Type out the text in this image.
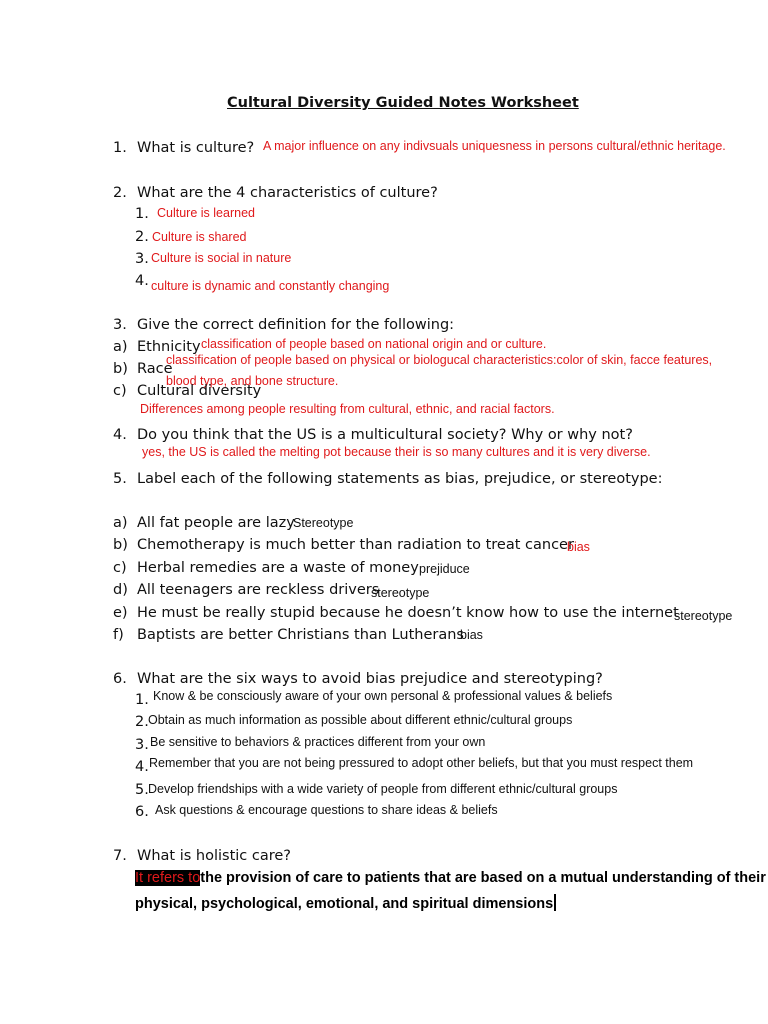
Cultural Diversity Guided Notes Worksheet
1. What is culture? A major influence on any indivsuals uniquesness in persons cultural/ethnic heritage.
2. What are the 4 characteristics of culture?
1. Culture is learned
2. Culture is shared
3. Culture is social in nature
4. culture is dynamic and constantly changing
3. Give the correct definition for the following:
a) Ethnicity classification of people based on national origin and or culture.
b) Race
classification of people based on physical or biologucal characteristics:color of skin, facce features,
blood type, and bone structure.
c) Cultural diversity
Differences among people resulting from cultural, ethnic, and racial factors.
4. Do you think that the US is a multicultural society? Why or why not?
yes, the US is called the melting pot because their is so many cultures and it is very diverse.
5. Label each of the following statements as bias, prejudice, or stereotype:
a) All fat people are lazy
Stereotype
b) Chemotherapy is much better than radiation to treat cancer
bias
c) Herbal remedies are a waste of money prejiduce
d) All teenagers are reckless drivers
stereotype
e) He must be really stupid because he doesn’t know how to use the internet
stereotype
f) Baptists are better Christians than Lutherans
bias
6. What are the six ways to avoid bias prejudice and stereotyping?
1. Know & be consciously aware of your own personal & professional values & beliefs
2. Obtain as much information as possible about different ethnic/cultural groups
3. Be sensitive to behaviors & practices different from your own
4. Remember that you are not being pressured to adopt other beliefs, but that you must respect them
5. Develop friendships with a wide variety of people from different ethnic/cultural groups
6. Ask questions & encourage questions to share ideas & beliefs
7. What is holistic care?
It refers tothe provision of care to patients that are based on a mutual understanding of their
physical, psychological, emotional, and spiritual dimensions
